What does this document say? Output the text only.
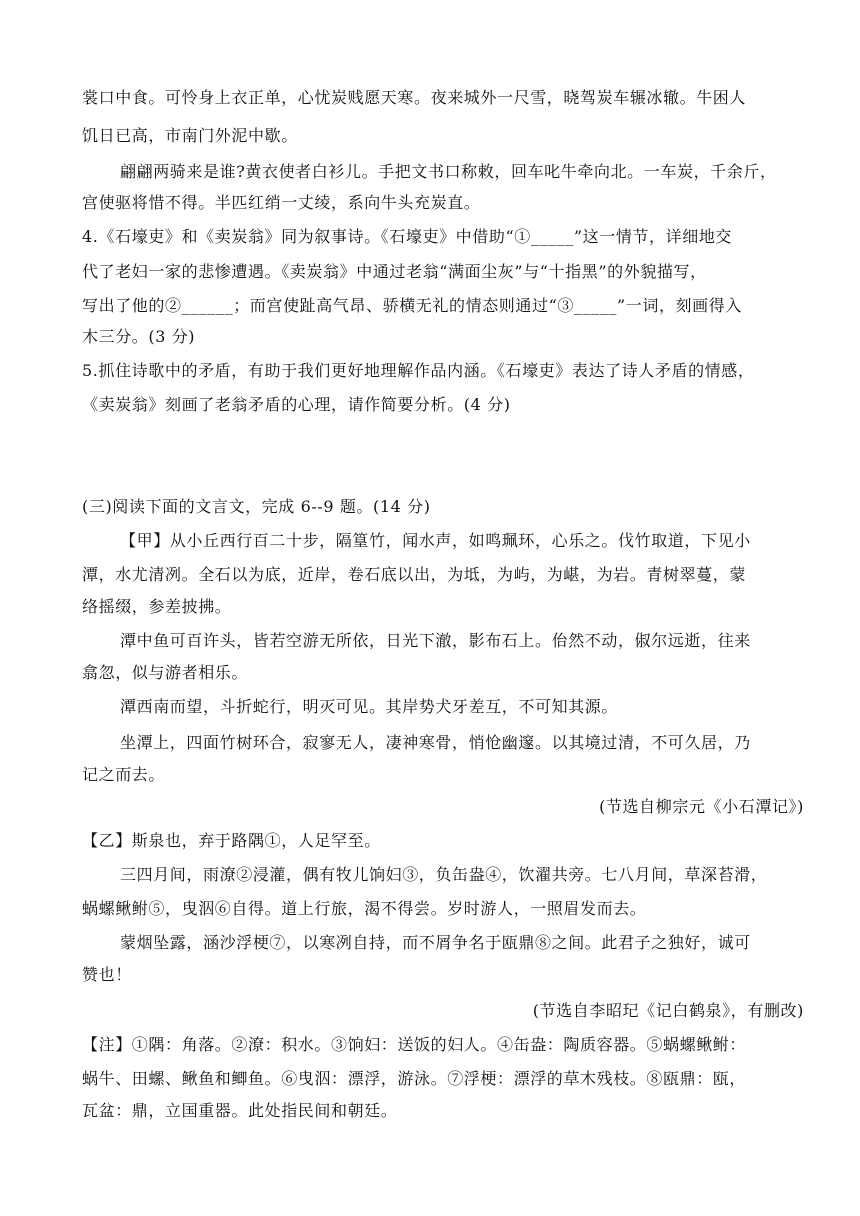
裳口中食。可怜身上衣正单，心忧炭贱愿天寒。夜来城外一尺雪，晓驾炭车辗冰辙。牛困人
饥日已高，市南门外泥中歇。
翩翩两骑来是谁?黄衣使者白衫儿。手把文书口称敕，回车叱牛牵向北。一车炭，千余斤，
宫使驱将惜不得。半匹红绡一丈绫，系向牛头充炭直。
4.《石壕吏》和《卖炭翁》同为叙事诗。《石壕吏》中借助“①_____”这一情节，详细地交
代了老妇一家的悲惨遭遇。《卖炭翁》中通过老翁“满面尘灰”与“十指黑”的外貌描写，
写出了他的②______；而宫使趾高气昂、骄横无礼的情态则通过“③_____”一词，刻画得入
木三分。(3 分)
5.抓住诗歌中的矛盾，有助于我们更好地理解作品内涵。《石壕吏》表达了诗人矛盾的情感，
《卖炭翁》刻画了老翁矛盾的心理，请作简要分析。(4 分)
(三)阅读下面的文言文，完成 6--9 题。(14 分)
【甲】从小丘西行百二十步，隔篁竹，闻水声，如鸣珮环，心乐之。伐竹取道，下见小
潭，水尤清冽。全石以为底，近岸，卷石底以出，为坻，为屿，为嵁，为岩。青树翠蔓，蒙
络摇缀，参差披拂。
潭中鱼可百许头，皆若空游无所依，日光下澈，影布石上。佁然不动，俶尔远逝，往来
翕忽，似与游者相乐。
潭西南而望，斗折蛇行，明灭可见。其岸势犬牙差互，不可知其源。
坐潭上，四面竹树环合，寂寥无人，凄神寒骨，悄怆幽邃。以其境过清，不可久居，乃
记之而去。
(节选自柳宗元《小石潭记》)
【乙】斯泉也，弃于路隅①，人足罕至。
三四月间，雨潦②浸灌，偶有牧儿饷妇③，负缶盎④，饮濯共旁。七八月间，草深苔滑，
蜗螺鳅鲋⑤，曳泅⑥自得。道上行旅，渴不得尝。岁时游人，一照眉发而去。
蒙烟坠露，涵沙浮梗⑦，以寒冽自持，而不屑争名于瓯鼎⑧之间。此君子之独好，诚可
赞也！
(节选自李昭玘《记白鹤泉》，有删改)
【注】①隅：角落。②潦：积水。③饷妇：送饭的妇人。④缶盎：陶质容器。⑤蜗螺鳅鲋：
蜗牛、田螺、鳅鱼和鲫鱼。⑥曳泅：漂浮，游泳。⑦浮梗：漂浮的草木残枝。⑧瓯鼎：瓯，
瓦盆：鼎，立国重器。此处指民间和朝廷。
